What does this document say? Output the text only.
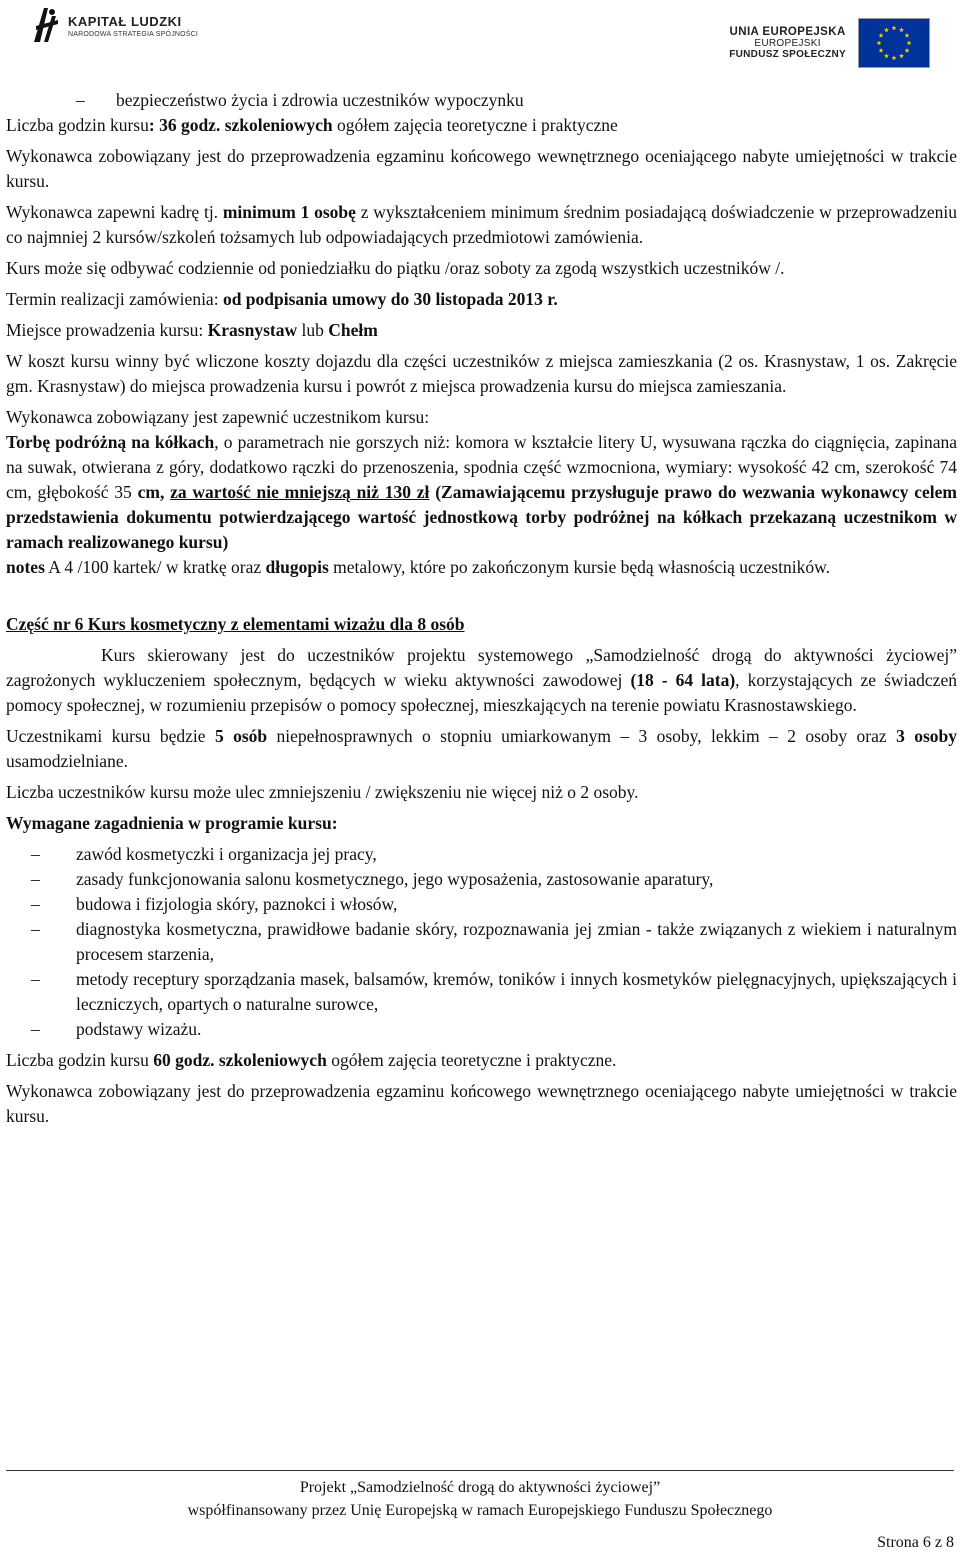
KAPITAŁ LUDZKI
NARODOWA STRATEGIA SPÓJNOŚCI	UNIA EUROPEJSKA
EUROPEJSKI
FUNDUSZ SPOŁECZNY
– bezpieczeństwo życia i zdrowia uczestników wypoczynku
Liczba godzin kursu: 36 godz. szkoleniowych ogółem zajęcia teoretyczne i praktyczne
Wykonawca zobowiązany jest do przeprowadzenia egzaminu końcowego wewnętrznego oceniającego nabyte umiejętności w trakcie kursu.
Wykonawca zapewni kadrę tj. minimum 1 osobę z wykształceniem minimum średnim posiadającą doświadczenie w przeprowadzeniu co najmniej 2 kursów/szkoleń tożsamych lub odpowiadających przedmiotowi zamówienia.
Kurs może się odbywać codziennie od poniedziałku do piątku /oraz soboty za zgodą wszystkich uczestników /.
Termin realizacji zamówienia: od podpisania umowy do 30 listopada 2013 r.
Miejsce prowadzenia kursu: Krasnystaw lub Chełm
W koszt kursu winny być wliczone koszty dojazdu dla części uczestników z miejsca zamieszkania (2 os. Krasnystaw, 1 os. Zakręcie gm. Krasnystaw) do miejsca prowadzenia kursu i powrót z miejsca prowadzenia kursu do miejsca zamieszania.
Wykonawca zobowiązany jest zapewnić uczestnikom kursu:
Torbę podróżną na kółkach, o parametrach nie gorszych niż: komora w kształcie litery U, wysuwana rączka do ciągnięcia, zapinana na suwak, otwierana z góry, dodatkowo rączki do przenoszenia, spodnia część wzmocniona, wymiary: wysokość 42 cm, szerokość 74 cm, głębokość 35 cm, za wartość nie mniejszą niż 130 zł (Zamawiającemu przysługuje prawo do wezwania wykonawcy celem przedstawienia dokumentu potwierdzającego wartość jednostkową torby podróżnej na kółkach przekazaną uczestnikom w ramach realizowanego kursu)
notes A 4 /100 kartek/ w kratkę oraz długopis metalowy, które po zakończonym kursie będą własnością uczestników.
Część nr 6 Kurs kosmetyczny z elementami wizażu dla 8 osób
Kurs skierowany jest do uczestników projektu systemowego „Samodzielność drogą do aktywności życiowej” zagrożonych wykluczeniem społecznym, będących w wieku aktywności zawodowej (18 - 64 lata), korzystających ze świadczeń pomocy społecznej, w rozumieniu przepisów o pomocy społecznej, mieszkających na terenie powiatu Krasnostawskiego.
Uczestnikami kursu będzie 5 osób niepełnosprawnych o stopniu umiarkowanym – 3 osoby, lekkim – 2 osoby oraz 3 osoby usamodzielniane.
Liczba uczestników kursu może ulec zmniejszeniu / zwiększeniu nie więcej niż o 2 osoby.
Wymagane zagadnienia w programie kursu:
– zawód kosmetyczki i organizacja jej pracy,
– zasady funkcjonowania salonu kosmetycznego, jego wyposażenia, zastosowanie aparatury,
– budowa i fizjologia skóry, paznokci i włosów,
– diagnostyka kosmetyczna, prawidłowe badanie skóry, rozpoznawania jej zmian - także związanych z wiekiem i naturalnym procesem starzenia,
– metody receptury sporządzania masek, balsamów, kremów, toników i innych kosmetyków pielęgnacyjnych, upiększających i leczniczych, opartych o naturalne surowce,
– podstawy wizażu.
Liczba godzin kursu 60 godz. szkoleniowych ogółem zajęcia teoretyczne i praktyczne.
Wykonawca zobowiązany jest do przeprowadzenia egzaminu końcowego wewnętrznego oceniającego nabyte umiejętności w trakcie kursu.
Projekt „Samodzielność drogą do aktywności życiowej”
współfinansowany przez Unię Europejską w ramach Europejskiego Funduszu Społecznego
Strona 6 z 8
